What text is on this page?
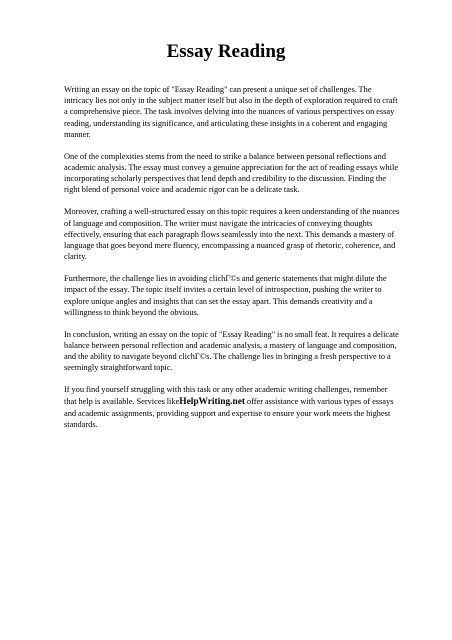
Essay Reading

Writing an essay on the topic of "Essay Reading" can present a unique set of challenges. The intricacy lies not only in the subject matter itself but also in the depth of exploration required to craft a comprehensive piece. The task involves delving into the nuances of various perspectives on essay reading, understanding its significance, and articulating these insights in a coherent and engaging manner.

One of the complexities stems from the need to strike a balance between personal reflections and academic analysis. The essay must convey a genuine appreciation for the act of reading essays while incorporating scholarly perspectives that lend depth and credibility to the discussion. Finding the right blend of personal voice and academic rigor can be a delicate task.

Moreover, crafting a well-structured essay on this topic requires a keen understanding of the nuances of language and composition. The writer must navigate the intricacies of conveying thoughts effectively, ensuring that each paragraph flows seamlessly into the next. This demands a mastery of language that goes beyond mere fluency, encompassing a nuanced grasp of rhetoric, coherence, and clarity.

Furthermore, the challenge lies in avoiding clichΓ©s and generic statements that might dilute the impact of the essay. The topic itself invites a certain level of introspection, pushing the writer to explore unique angles and insights that can set the essay apart. This demands creativity and a willingness to think beyond the obvious.

In conclusion, writing an essay on the topic of "Essay Reading" is no small feat. It requires a delicate balance between personal reflection and academic analysis, a mastery of language and composition, and the ability to navigate beyond clichΓ©s. The challenge lies in bringing a fresh perspective to a seemingly straightforward topic.

If you find yourself struggling with this task or any other academic writing challenges, remember that help is available. Services likeHelpWriting.net offer assistance with various types of essays and academic assignments, providing support and expertise to ensure your work meets the highest standards.
